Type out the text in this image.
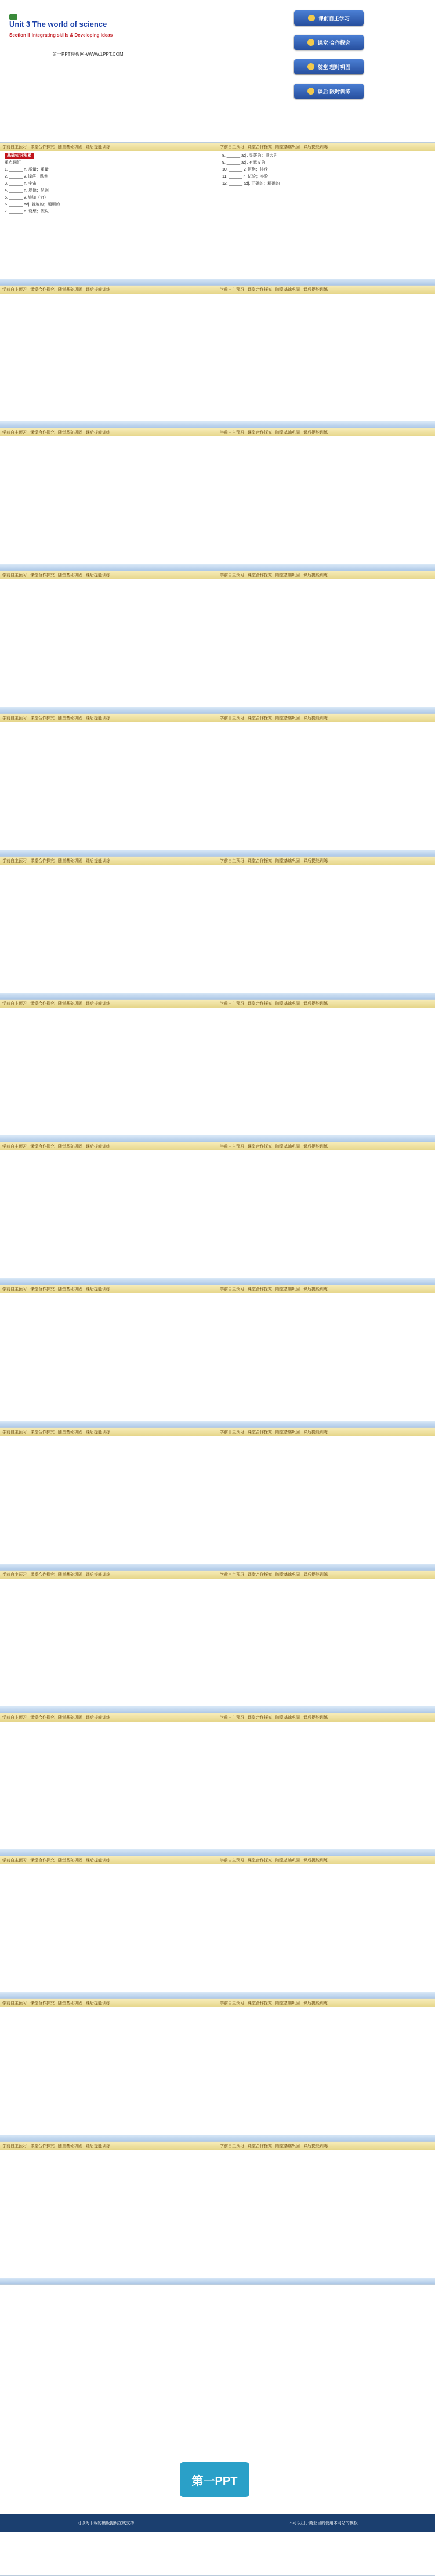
Unit 3 The world of science
Section Ⅱ Integrating skills & Developing ideas
第一PPT模板网-WWW.1PPT.COM
课前自主学习
课堂 合作探究
随堂 理时巩固
课后 限时训练
学前自主预习 课堂合作探究 随堂基础巩固 课后提能训练
基础知识积累

重点词汇

1. ______ n. 质量；重量

2. ______ v. 掉落；跌倒

3. ______ n. 宇宙

4. ______ n. 规律；法则

5. ______ v. 施加（力）

6. ______ adj. 普遍的；通用的

7. ______ n. 设想；假说

学前自主预习 课堂合作探究 随堂基础巩固 课后提能训练

8. ______ adj. 显著的；重大的

9. ______ adj. 有意义的

10. ______ v. 拒绝；排斥

11. ______ n. 试验；实验

12. ______ adj. 正确的；精确的

学前自主预习 课堂合作探究 随堂基础巩固 课后提能训练	学前自主预习 课堂合作探究 随堂基础巩固 课后提能训练
学前自主预习 课堂合作探究 随堂基础巩固 课后提能训练	学前自主预习 课堂合作探究 随堂基础巩固 课后提能训练
学前自主预习 课堂合作探究 随堂基础巩固 课后提能训练	学前自主预习 课堂合作探究 随堂基础巩固 课后提能训练
学前自主预习 课堂合作探究 随堂基础巩固 课后提能训练	学前自主预习 课堂合作探究 随堂基础巩固 课后提能训练
学前自主预习 课堂合作探究 随堂基础巩固 课后提能训练	学前自主预习 课堂合作探究 随堂基础巩固 课后提能训练
学前自主预习 课堂合作探究 随堂基础巩固 课后提能训练	学前自主预习 课堂合作探究 随堂基础巩固 课后提能训练
学前自主预习 课堂合作探究 随堂基础巩固 课后提能训练	学前自主预习 课堂合作探究 随堂基础巩固 课后提能训练
学前自主预习 课堂合作探究 随堂基础巩固 课后提能训练	学前自主预习 课堂合作探究 随堂基础巩固 课后提能训练
学前自主预习 课堂合作探究 随堂基础巩固 课后提能训练	学前自主预习 课堂合作探究 随堂基础巩固 课后提能训练
学前自主预习 课堂合作探究 随堂基础巩固 课后提能训练	学前自主预习 课堂合作探究 随堂基础巩固 课后提能训练
学前自主预习 课堂合作探究 随堂基础巩固 课后提能训练	学前自主预习 课堂合作探究 随堂基础巩固 课后提能训练
学前自主预习 课堂合作探究 随堂基础巩固 课后提能训练	学前自主预习 课堂合作探究 随堂基础巩固 课后提能训练
学前自主预习 课堂合作探究 随堂基础巩固 课后提能训练	学前自主预习 课堂合作探究 随堂基础巩固 课后提能训练
学前自主预习 课堂合作探究 随堂基础巩固 课后提能训练	学前自主预习 课堂合作探究 随堂基础巩固 课后提能训练
第一PPT
可以为下载的模板提供在线支持	不可以出于商业目的使用本网站的模板
